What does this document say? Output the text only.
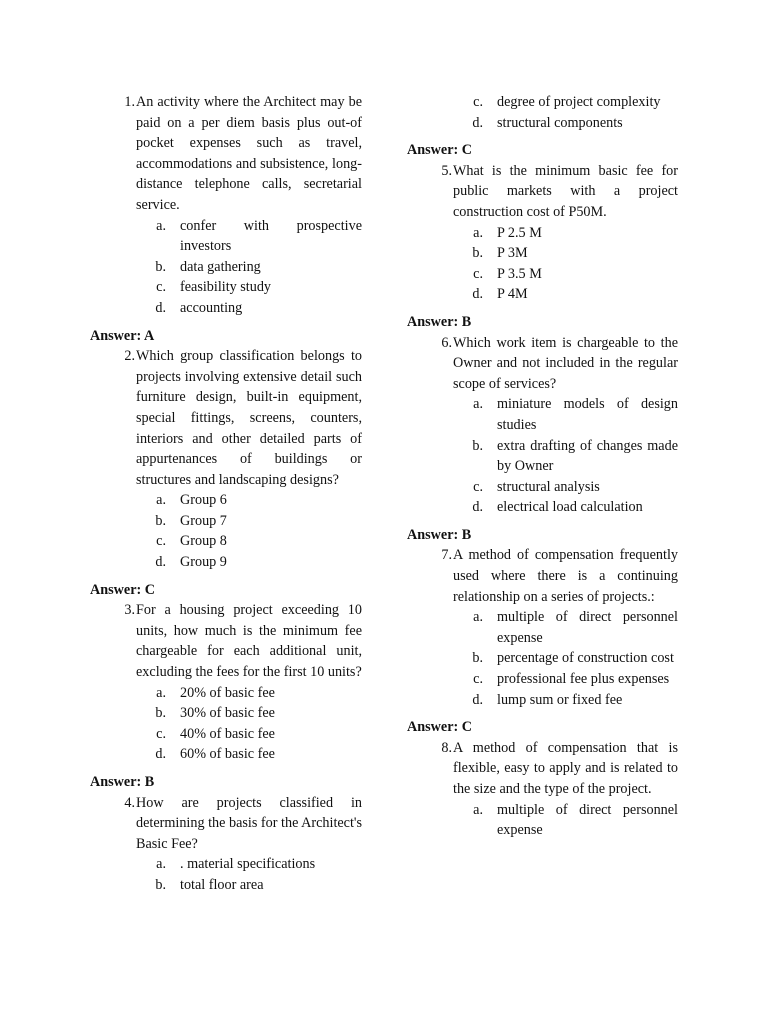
1 . An activity where the Architect may be paid on a per diem basis plus out-of pocket expenses such as travel, accommodations and subsistence, long-distance telephone calls, secretarial service.
a .	confer with prospective investors
b .	data gathering
c .	feasibility study
d .	accounting
Answer: A
2 . Which group classification belongs to projects involving extensive detail such furniture design, built-in equipment, special fittings, screens, counters, interiors and other detailed parts of appurtenances of buildings or structures and landscaping designs?
a .	Group 6
b .	Group 7
c .	Group 8
d .	Group 9
Answer: C
3 . For a housing project exceeding 10 units, how much is the minimum fee chargeable for each additional unit, excluding the fees for the first 10 units?
a .	20% of basic fee
b .	30% of basic fee
c .	40% of basic fee
d .	60% of basic fee
Answer: B
4 . How are projects classified in determining the basis for the Architect's Basic Fee?
a .	. material specifications
b .	total floor area
c .	degree of project complexity
d .	structural components
Answer: C
5 . What is the minimum basic fee for public markets with a project construction cost of P50M.
a .	P 2.5 M
b .	P 3M
c .	P 3.5 M
d .	P 4M
Answer: B
6 . Which work item is chargeable to the Owner and not included in the regular scope of services?
a .	miniature models of design studies
b .	extra drafting of changes made by Owner
c .	structural analysis
d .	electrical load calculation
Answer: B
7 . A method of compensation frequently used where there is a continuing relationship on a series of projects.:
a .	multiple of direct personnel expense
b .	percentage of construction cost
c .	professional fee plus expenses
d .	lump sum or fixed fee
Answer: C
8 . A method of compensation that is flexible, easy to apply and is related to the size and the type of the project.
a .	multiple of direct personnel expense
